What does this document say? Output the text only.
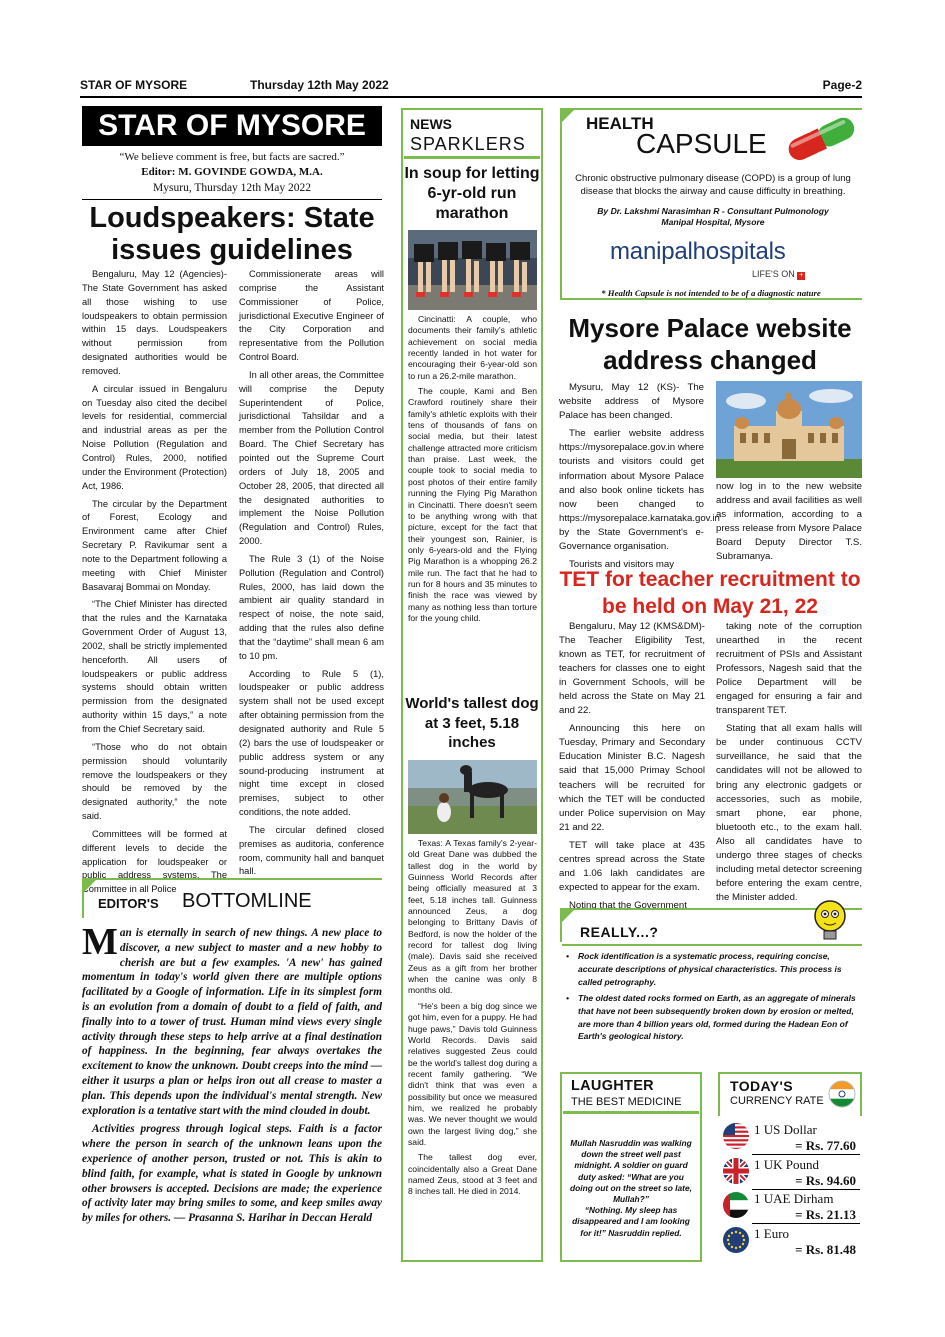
STAR OF MYSORE	Thursday 12th May 2022	Page-2
STAR OF MYSORE
“We believe comment is free, but facts are sacred.”
Editor: M. GOVINDE GOWDA, M.A.
Mysuru, Thursday 12th May 2022
Loudspeakers: State issues guidelines

Bengaluru, May 12 (Agencies)- The State Government has asked all those wishing to use loudspeakers to obtain permission within 15 days. Loudspeakers without permission from designated authorities would be removed.

A circular issued in Bengaluru on Tuesday also cited the decibel levels for residential, commercial and industrial areas as per the Noise Pollution (Regulation and Control) Rules, 2000, notified under the Environment (Protection) Act, 1986.

The circular by the Department of Forest, Ecology and Environment came after Chief Secretary P. Ravikumar sent a note to the Department following a meeting with Chief Minister Basavaraj Bommai on Monday.

“The Chief Minister has directed that the rules and the Karnataka Government Order of August 13, 2002, shall be strictly implemented henceforth. All users of loudspeakers or public address systems should obtain written permission from the designated authority within 15 days,” a note from the Chief Secretary said.

“Those who do not obtain permission should voluntarily remove the loudspeakers or they should be removed by the designated authority,” the note said.

Committees will be formed at different levels to decide the application for loudspeaker or public address systems. The Committee in all Police

Commissionerate areas will comprise the Assistant Commissioner of Police, jurisdictional Executive Engineer of the City Corporation and representative from the Pollution Control Board.

In all other areas, the Committee will comprise the Deputy Superintendent of Police, jurisdictional Tahsildar and a member from the Pollution Control Board. The Chief Secretary has pointed out the Supreme Court orders of July 18, 2005 and October 28, 2005, that directed all the designated authorities to implement the Noise Pollution (Regulation and Control) Rules, 2000.

The Rule 3 (1) of the Noise Pollution (Regulation and Control) Rules, 2000, has laid down the ambient air quality standard in respect of noise, the note said, adding that the rules also define that the “daytime” shall mean 6 am to 10 pm.

According to Rule 5 (1), loudspeaker or public address system shall not be used except after obtaining permission from the designated authority and Rule 5 (2) bars the use of loudspeaker or public address system or any sound-producing instrument at night time except in closed premises, subject to other conditions, the note added.

The circular defined closed premises as auditoria, conference room, community hall and banquet hall.

EDITOR'S BOTTOMLINE

Man is eternally in search of new things. A new place to discover, a new subject to master and a new hobby to cherish are but a few examples. 'A new' has gained momentum in today's world given there are multiple options facilitated by a Google of information. Life in its simplest form is an evolution from a domain of doubt to a field of faith, and finally into to a tower of trust. Human mind views every single activity through these steps to help arrive at a final destination of happiness. In the beginning, fear always overtakes the excitement to know the unknown. Doubt creeps into the mind — either it usurps a plan or helps iron out all crease to master a plan. This depends upon the individual's mental strength. New exploration is a tentative start with the mind clouded in doubt.

Activities progress through logical steps. Faith is a factor where the person in search of the unknown leans upon the experience of another person, trusted or not. This is akin to blind faith, for example, what is stated in Google by unknown other browsers is accepted. Decisions are made; the experience of activity later may bring smiles to some, and keep smiles away by miles for others. — Prasanna S. Harihar in Deccan Herald

NEWS
SPARKLERS
In soup for letting 6-yr-old run marathon

Cincinatti: A couple, who documents their family's athletic achievement on social media recently landed in hot water for encouraging their 6-year-old son to run a 26.2-mile marathon.

The couple, Kami and Ben Crawford routinely share their family's athletic exploits with their tens of thousands of fans on social media, but their latest challenge attracted more criticism than praise. Last week, the couple took to social media to post photos of their entire family running the Flying Pig Marathon in Cincinatti. There doesn't seem to be anything wrong with that picture, except for the fact that their youngest son, Rainier, is only 6-years-old and the Flying Pig Marathon is a whopping 26.2 mile run. The fact that he had to run for 8 hours and 35 minutes to finish the race was viewed by many as nothing less than torture for the young child.

World's tallest dog at 3 feet, 5.18 inches

Texas: A Texas family's 2-year-old Great Dane was dubbed the tallest dog in the world by Guinness World Records after being officially measured at 3 feet, 5.18 inches tall. Guinness announced Zeus, a dog belonging to Brittany Davis of Bedford, is now the holder of the record for tallest dog living (male). Davis said she received Zeus as a gift from her brother when the canine was only 8 months old.

“He's been a big dog since we got him, even for a puppy. He had huge paws,” Davis told Guinness World Records. Davis said relatives suggested Zeus could be the world's tallest dog during a recent family gathering. “We didn't think that was even a possibility but once we measured him, we realized he probably was. We never thought we would own the largest living dog,” she said.

The tallest dog ever, coincidentally also a Great Dane named Zeus, stood at 3 feet and 8 inches tall. He died in 2014.

HEALTH
CAPSULE
Chronic obstructive pulmonary disease (COPD) is a group of lung disease that blocks the airway and cause difficulty in breathing.
By Dr. Lakshmi Narasimhan R - Consultant Pulmonology
Manipal Hospital, Mysore
manipalhospitals
LIFE'S ON +
* Health Capsule is not intended to be of a diagnostic nature
Mysore Palace website address changed

Mysuru, May 12 (KS)- The website address of Mysore Palace has been changed.

The earlier website address https://mysorepalace.gov.in where tourists and visitors could get information about Mysore Palace and also book online tickets has now been changed to https://mysorepalace.karnataka.gov.in by the State Government's e-Governance organisation.

Tourists and visitors may

now log in to the new website address and avail facilities as well as information, according to a press release from Mysore Palace Board Deputy Director T.S. Subramanya.
TET for teacher recruitment to be held on May 21, 22

Bengaluru, May 12 (KMS&DM)- The Teacher Eligibility Test, known as TET, for recruitment of teachers for classes one to eight in Government Schools, will be held across the State on May 21 and 22.

Announcing this here on Tuesday, Primary and Secondary Education Minister B.C. Nagesh said that 15,000 Primay School teachers will be recruited for which the TET will be conducted under Police supervision on May 21 and 22.

TET will take place at 435 centres spread across the State and 1.06 lakh candidates are expected to appear for the exam.

Noting that the Government

taking note of the corruption unearthed in the recent recruitment of PSIs and Assistant Professors, Nagesh said that the Police Department will be engaged for ensuring a fair and transparent TET.

Stating that all exam halls will be under continuous CCTV surveillance, he said that the candidates will not be allowed to bring any electronic gadgets or accessories, such as mobile, smart phone, ear phone, bluetooth etc., to the exam hall. Also all candidates have to undergo three stages of checks including metal detector screening before entering the exam centre, the Minister added.

REALLY...?
• Rock identification is a systematic process, requiring concise, accurate descriptions of physical characteristics. This process is called petrography.
• The oldest dated rocks formed on Earth, as an aggregate of minerals that have not been subsequently broken down by erosion or melted, are more than 4 billion years old, formed during the Hadean Eon of Earth's geological history.
LAUGHTER
THE BEST MEDICINE
Mullah Nasruddin was walking down the street well past midnight. A soldier on guard duty asked: “What are you doing out on the street so late, Mullah?”
“Nothing. My sleep has disappeared and I am looking for it!” Nasruddin replied.
TODAY'S
CURRENCY RATE
1 US Dollar
= Rs. 77.60
1 UK Pound
= Rs. 94.60
1 UAE Dirham
= Rs. 21.13
1 Euro
= Rs. 81.48
